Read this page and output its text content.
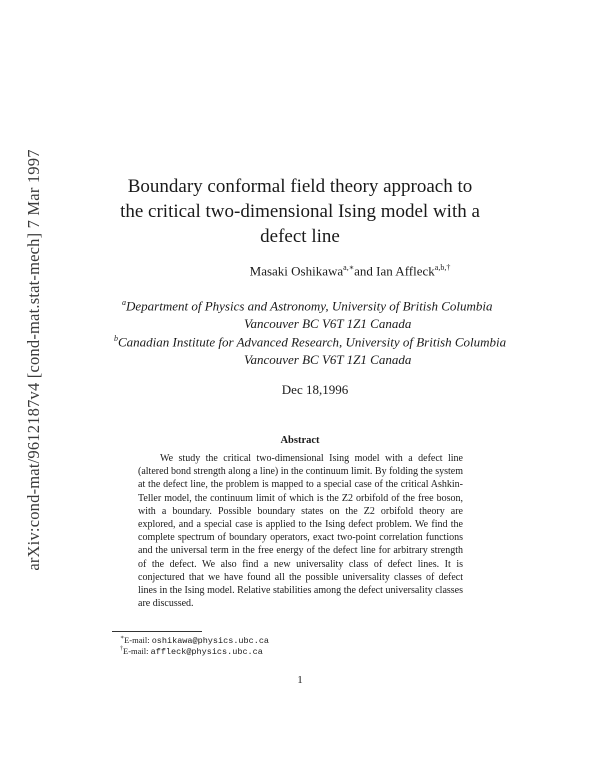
arXiv:cond-mat/9612187v4 [cond-mat.stat-mech] 7 Mar 1997	Boundary conformal field theory approach to
the critical two-dimensional Ising model with a
defect line
Masaki Oshikawa$^{a,∗}$and Ian Affleck$^{a,b,\dagger}$
$^a$Department of Physics and Astronomy, University of British Columbia
Vancouver BC V6T 1Z1 Canada
$^b$Canadian Institute for Advanced Research, University of British Columbia
Vancouver BC V6T 1Z1 Canada
Dec 18,1996
Abstract

We study the critical two-dimensional Ising model with a defect line (altered bond strength along a line) in the continuum limit. By folding the system at the defect line, the problem is mapped to a special case of the critical Ashkin-Teller model, the continuum limit of which is the Z2 orbifold of the free boson, with a boundary. Possible boundary states on the Z2 orbifold theory are explored, and a special case is applied to the Ising defect problem. We find the complete spectrum of boundary operators, exact two-point correlation functions and the universal term in the free energy of the defect line for arbitrary strength of the defect. We also find a new universality class of defect lines. It is conjectured that we have found all the possible universality classes of defect lines in the Ising model. Relative stabilities among the defect universality classes are discussed.

∗E-mail: oshikawa@physics.ubc.ca
†E-mail: affleck@physics.ubc.ca
1
